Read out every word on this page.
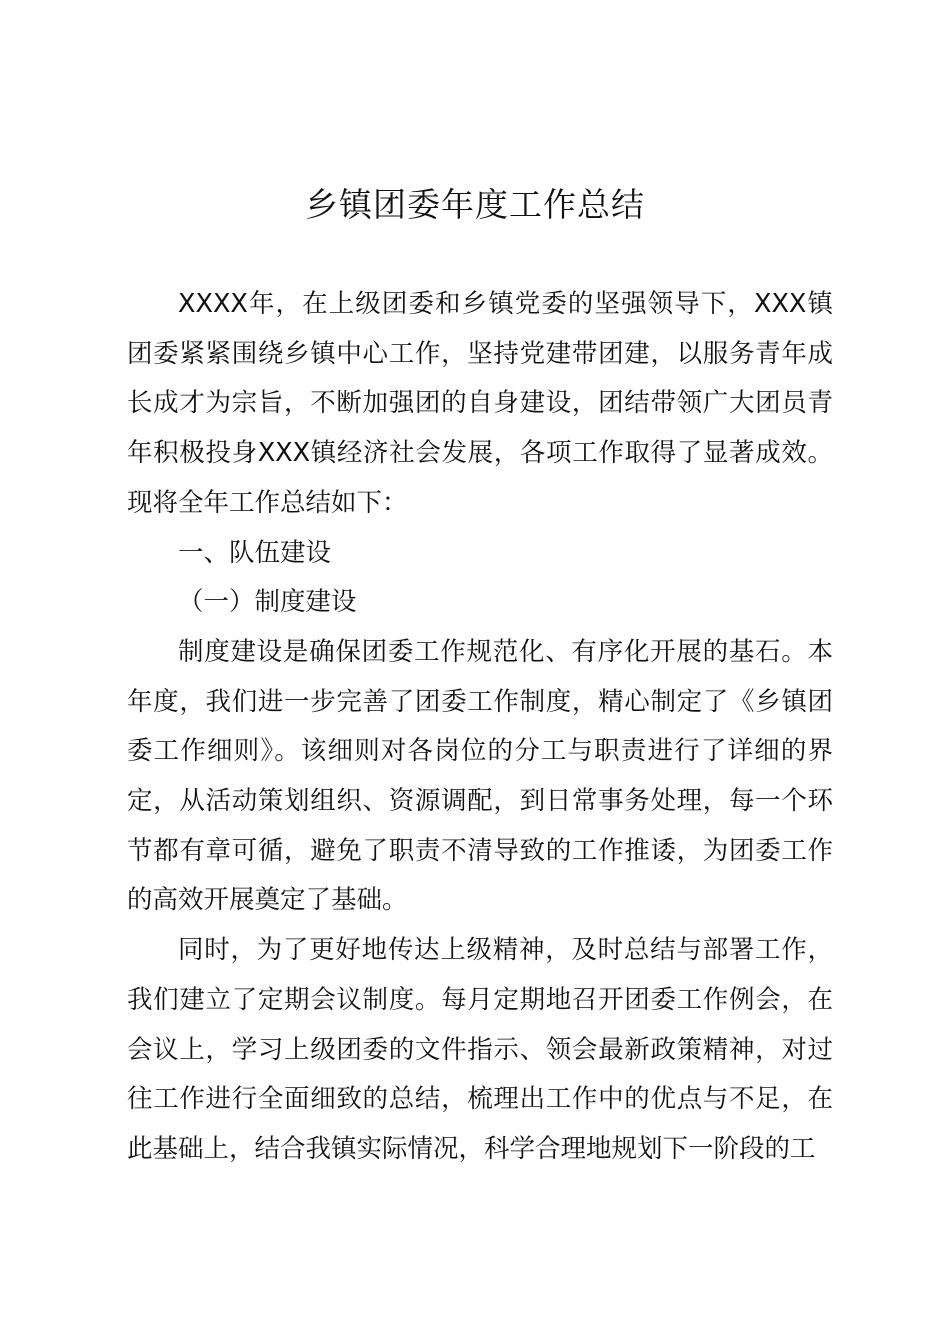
乡镇团委年度工作总结

XXXX年，在上级团委和乡镇党委的坚强领导下，XXX镇团委紧紧围绕乡镇中心工作，坚持党建带团建，以服务青年成长成才为宗旨，不断加强团的自身建设，团结带领广大团员青年积极投身XXX镇经济社会发展，各项工作取得了显著成效。现将全年工作总结如下：

一、队伍建设

（一）制度建设

制度建设是确保团委工作规范化、有序化开展的基石。本年度，我们进一步完善了团委工作制度，精心制定了《乡镇团委工作细则》。该细则对各岗位的分工与职责进行了详细的界定，从活动策划组织、资源调配，到日常事务处理，每一个环节都有章可循，避免了职责不清导致的工作推诿，为团委工作的高效开展奠定了基础。

同时，为了更好地传达上级精神，及时总结与部署工作，我们建立了定期会议制度。每月定期地召开团委工作例会，在会议上，学习上级团委的文件指示、领会最新政策精神，对过往工作进行全面细致的总结，梳理出工作中的优点与不足，在此基础上，结合我镇实际情况，科学合理地规划下一阶段的工
